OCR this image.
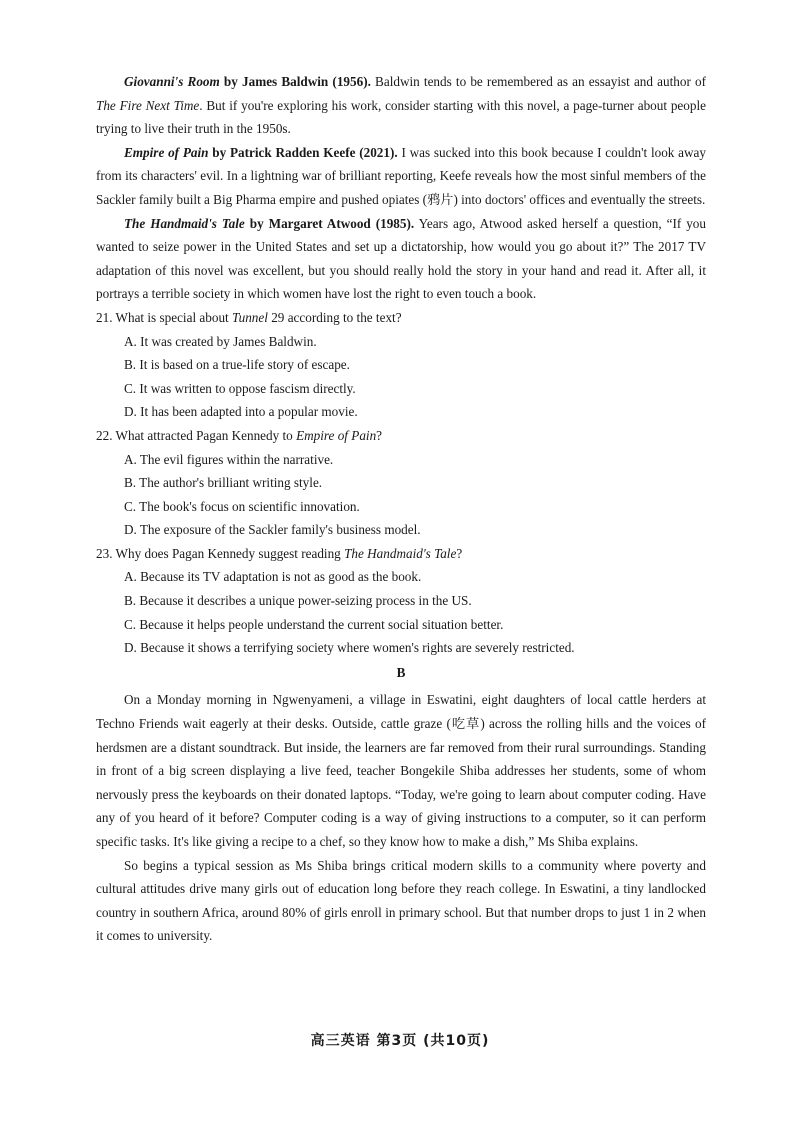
Giovanni's Room by James Baldwin (1956). Baldwin tends to be remembered as an essayist and author of The Fire Next Time. But if you're exploring his work, consider starting with this novel, a page-turner about people trying to live their truth in the 1950s.

Empire of Pain by Patrick Radden Keefe (2021). I was sucked into this book because I couldn't look away from its characters' evil. In a lightning war of brilliant reporting, Keefe reveals how the most sinful members of the Sackler family built a Big Pharma empire and pushed opiates (鸦片) into doctors' offices and eventually the streets.

The Handmaid's Tale by Margaret Atwood (1985). Years ago, Atwood asked herself a question, “If you wanted to seize power in the United States and set up a dictatorship, how would you go about it?” The 2017 TV adaptation of this novel was excellent, but you should really hold the story in your hand and read it. After all, it portrays a terrible society in which women have lost the right to even touch a book.

21. What is special about Tunnel 29 according to the text?

A. It was created by James Baldwin.

B. It is based on a true-life story of escape.

C. It was written to oppose fascism directly.

D. It has been adapted into a popular movie.

22. What attracted Pagan Kennedy to Empire of Pain?

A. The evil figures within the narrative.

B. The author's brilliant writing style.

C. The book's focus on scientific innovation.

D. The exposure of the Sackler family's business model.

23. Why does Pagan Kennedy suggest reading The Handmaid's Tale?

A. Because its TV adaptation is not as good as the book.

B. Because it describes a unique power-seizing process in the US.

C. Because it helps people understand the current social situation better.

D. Because it shows a terrifying society where women's rights are severely restricted.

B

On a Monday morning in Ngwenyameni, a village in Eswatini, eight daughters of local cattle herders at Techno Friends wait eagerly at their desks. Outside, cattle graze (吃草) across the rolling hills and the voices of herdsmen are a distant soundtrack. But inside, the learners are far removed from their rural surroundings. Standing in front of a big screen displaying a live feed, teacher Bongekile Shiba addresses her students, some of whom nervously press the keyboards on their donated laptops. “Today, we're going to learn about computer coding. Have any of you heard of it before? Computer coding is a way of giving instructions to a computer, so it can perform specific tasks. It's like giving a recipe to a chef, so they know how to make a dish,” Ms Shiba explains.

So begins a typical session as Ms Shiba brings critical modern skills to a community where poverty and cultural attitudes drive many girls out of education long before they reach college. In Eswatini, a tiny landlocked country in southern Africa, around 80% of girls enroll in primary school. But that number drops to just 1 in 2 when it comes to university.

高三英语 第3页 (共10页)
